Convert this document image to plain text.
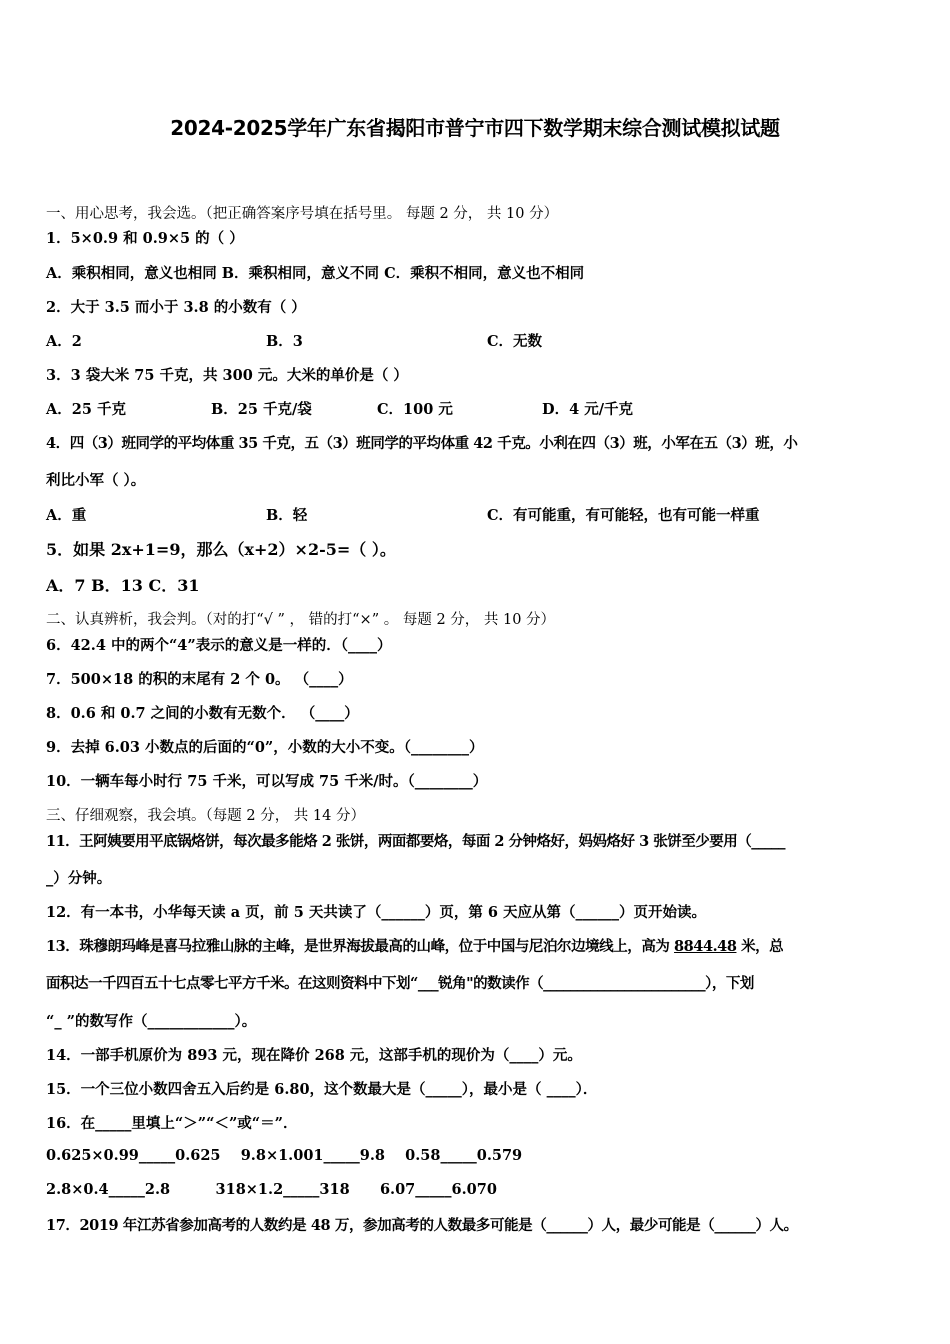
2024-2025学年广东省揭阳市普宁市四下数学期末综合测试模拟试题
一、用心思考，我会选。（把正确答案序号填在括号里。 每题 2 分， 共 10 分）
1．5×0.9 和 0.9×5 的（ ）
A．乘积相同，意义也相同 B．乘积相同，意义不同 C．乘积不相同，意义也不相同
2．大于 3.5 而小于 3.8 的小数有（ ）
A．2	B．3	C．无数
3．3 袋大米 75 千克，共 300 元。大米的单价是（ ）
A．25 千克	B．25 千克/袋	C．100 元	D．4 元/千克
4．四（3）班同学的平均体重 35 千克，五（3）班同学的平均体重 42 千克。小利在四（3）班，小军在五（3）班，小
利比小军（ ）。
A．重	B．轻	C．有可能重，有可能轻，也有可能一样重
5．如果 2x+1=9，那么（x+2）×2-5=（ ）。
A．7 B．13 C．31
二、认真辨析，我会判。（对的打“√ ” ， 错的打“×” 。 每题 2 分， 共 10 分）
6．42.4 中的两个“4”表示的意义是一样的．（____）
7．500×18 的积的末尾有 2 个 0。 （____）
8．0.6 和 0.7 之间的小数有无数个． （____）
9．去掉 6.03 小数点的后面的“0”，小数的大小不变。（________）
10．一辆车每小时行 75 千米，可以写成 75 千米/时。（________）
三、仔细观察，我会填。（每题 2 分， 共 14 分）
11．王阿姨要用平底锅烙饼，每次最多能烙 2 张饼，两面都要烙，每面 2 分钟烙好，妈妈烙好 3 张饼至少要用（_____
_）分钟。
12．有一本书，小华每天读 a 页，前 5 天共读了（______）页，第 6 天应从第（______）页开始读。
13．珠穆朗玛峰是喜马拉雅山脉的主峰，是世界海拔最高的山峰，位于中国与尼泊尔边境线上，高为 8844.48 米，总
面积达一千四百五十七点零七平方千米。在这则资料中下划“___锐角"的数读作（________________________），下划
“_ ”的数写作（____________）。
14．一部手机原价为 893 元，现在降价 268 元，这部手机的现价为（____）元。
15．一个三位小数四舍五入后约是 6.80，这个数最大是（_____），最小是（ ____）．
16．在_____里填上“＞”“＜”或“＝”．
0.625×0.99_____0.625    9.8×1.001_____9.8    0.58_____0.579
2.8×0.4_____2.8         318×1.2_____318      6.07_____6.070
17．2019 年江苏省参加高考的人数约是 48 万，参加高考的人数最多可能是（______）人，最少可能是（______）人。
